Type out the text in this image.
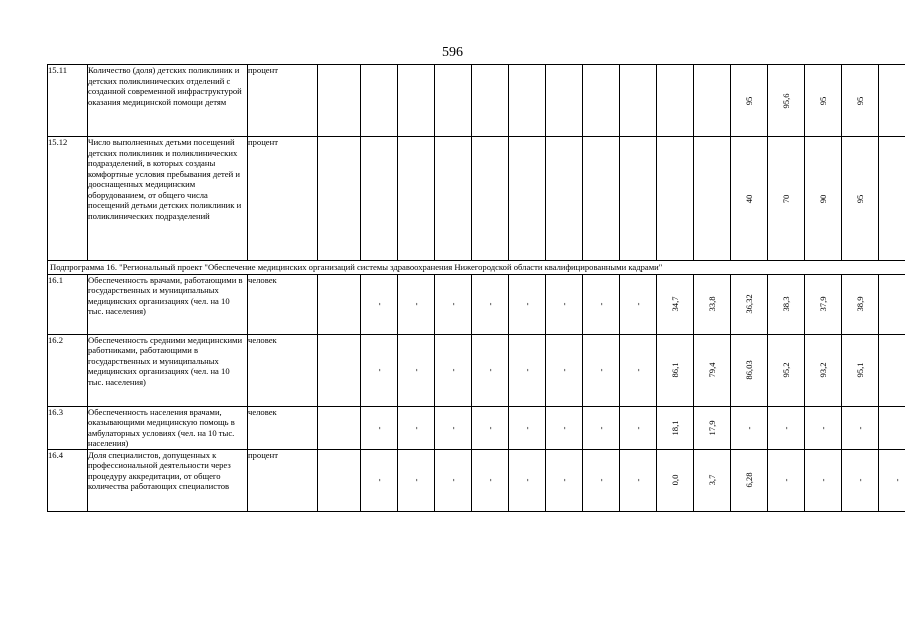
596
15.11	Количество (доля) детских поликлиник и детских поликлинических отделений с созданной современной инфраструктурой оказания медицинской помощи детям	процент												95	95,6	95	95	

15.12	Число выполненных детьми посещений детских поликлиник и поликлинических подразделений, в которых созданы комфортные условия пребывания детей и дооснащенных медицинским оборудованием, от общего числа посещений детьми детских поликлиник и поликлинических подразделений	процент												40	70	90	95	

Подпрограмма 16. "Региональный проект "Обеспечение медицинских организаций системы здравоохранения Нижегородской области квалифицированными кадрами"																		
16.1	Обеспеченность врачами, работающими в государственных и муниципальных медицинских организациях (чел. на 10 тыс. населения)	человек		-	-	-	-	-	-	-	-	34,7	33,8	36,32	38,3	37,9	38,9	

16.2	Обеспеченность средними медицинскими работниками, работающими в государственных и муниципальных медицинских организациях (чел. на 10 тыс. населения)	человек		-	-	-	-	-	-	-	-	86,1	79,4	86,03	95,2	93,2	95,1	

16.3	Обеспеченность населения врачами, оказывающими медицинскую помощь в амбулаторных условиях (чел. на 10 тыс. населения)	человек		-	-	-	-	-	-	-	-	18,1	17,9	-	-	-	-	

16.4	Доля специалистов, допущенных к профессиональной деятельности через процедуру аккредитации, от общего количества работающих специалистов	процент		-	-	-	-	-	-	-	-	0,0	3,7	6,28	-	-	-	-
